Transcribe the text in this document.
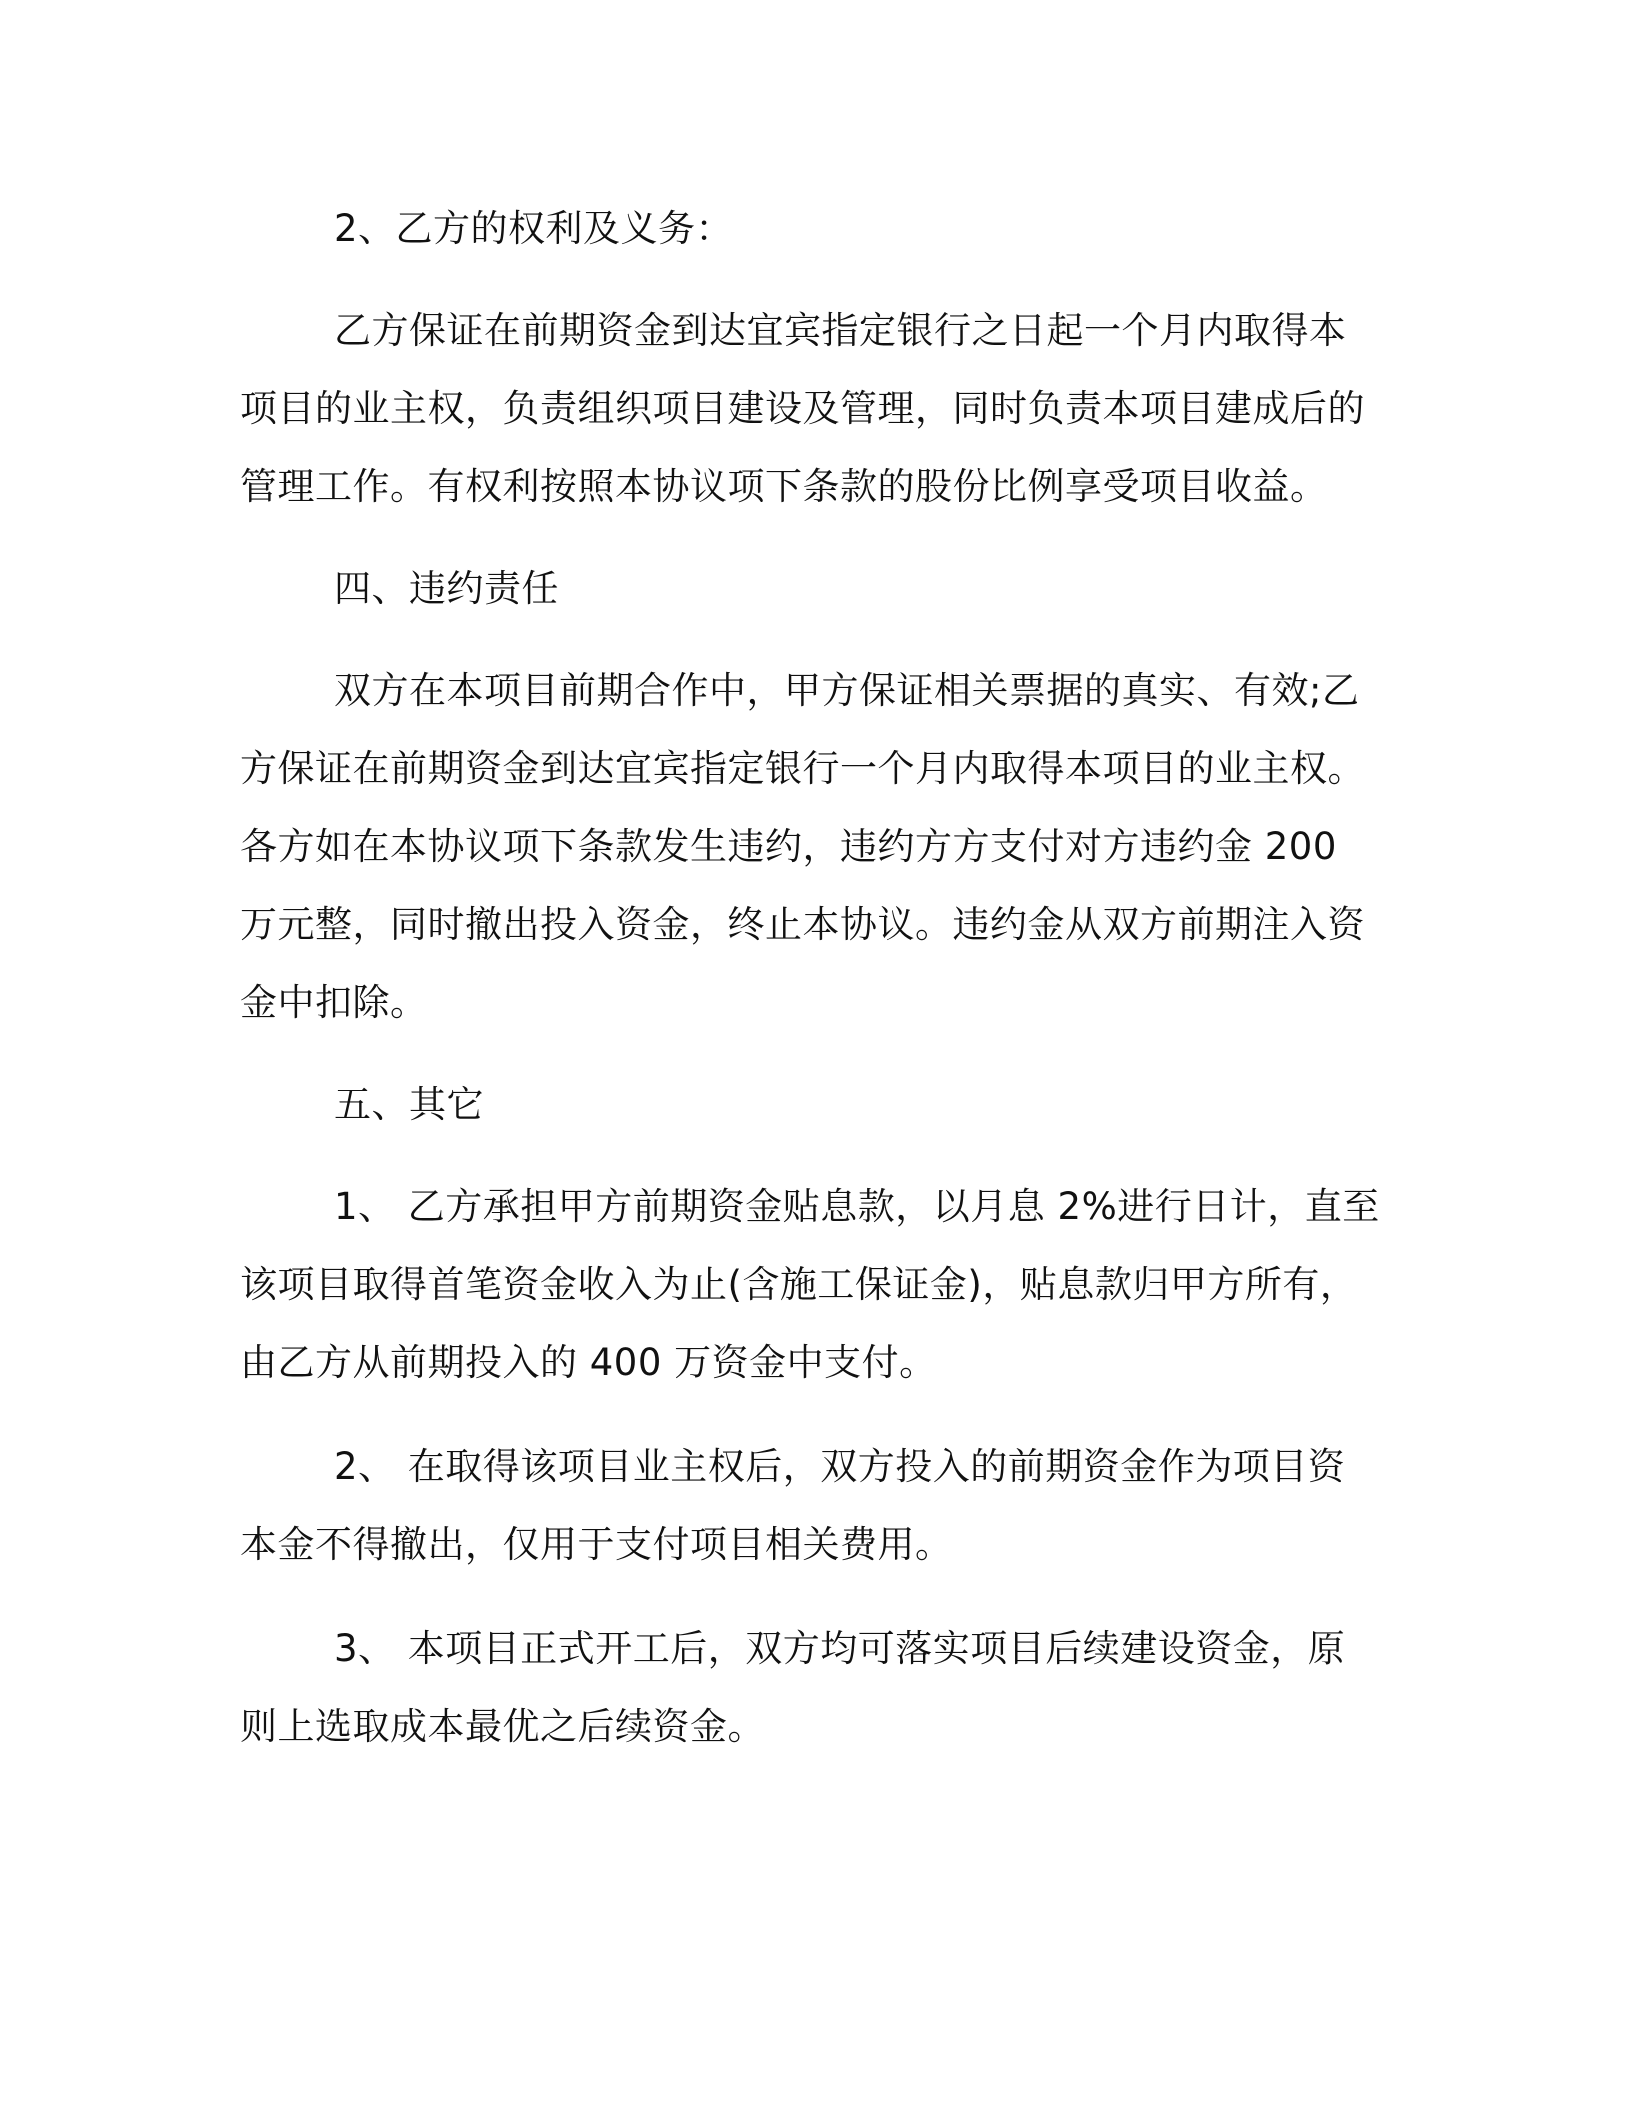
2、乙方的权利及义务：

乙方保证在前期资金到达宜宾指定银行之日起一个月内取得本项目的业主权，负责组织项目建设及管理，同时负责本项目建成后的管理工作。有权利按照本协议项下条款的股份比例享受项目收益。

四、违约责任

双方在本项目前期合作中，甲方保证相关票据的真实、有效;乙方保证在前期资金到达宜宾指定银行一个月内取得本项目的业主权。各方如在本协议项下条款发生违约，违约方方支付对方违约金 200 万元整，同时撤出投入资金，终止本协议。违约金从双方前期注入资金中扣除。

五、其它

1、 乙方承担甲方前期资金贴息款，以月息 2%进行日计，直至该项目取得首笔资金收入为止(含施工保证金)，贴息款归甲方所有，由乙方从前期投入的 400 万资金中支付。

2、 在取得该项目业主权后，双方投入的前期资金作为项目资本金不得撤出，仅用于支付项目相关费用。

3、 本项目正式开工后，双方均可落实项目后续建设资金，原则上选取成本最优之后续资金。
